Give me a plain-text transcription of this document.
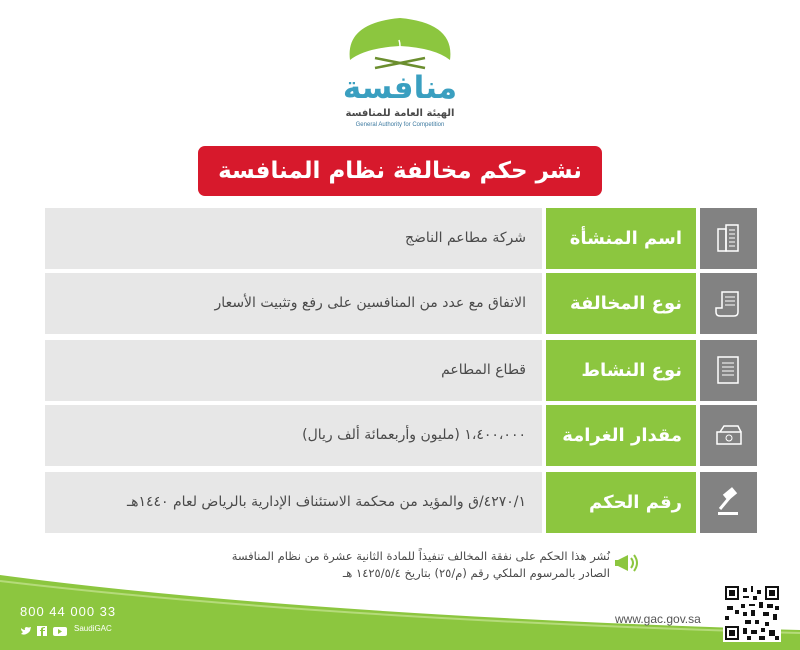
منافسة
الهيئة العامة للمنافسة
General Authority for Competition
نشر حكم مخالفة نظام المنافسة
شركة مطاعم الناضج	اسم المنشأة
الاتفاق مع عدد من المنافسين على رفع وتثبيت الأسعار	نوع المخالفة
قطاع المطاعم	نوع النشاط
١،٤٠٠،٠٠٠ (مليون وأربعمائة ألف ريال)	مقدار الغرامة
٤٢٧٠/١/ق والمؤيد من محكمة الاستئناف الإدارية بالرياض لعام ١٤٤٠هـ	رقم الحكم
نُشر هذا الحكم على نفقة المخالف تنفيذاً للمادة الثانية عشرة من نظام المنافسة الصادر بالمرسوم الملكي رقم (م/٢٥) بتاريخ ١٤٢٥/٥/٤ هـ
800 44 000 33
SaudiGAC
www.gac.gov.sa
